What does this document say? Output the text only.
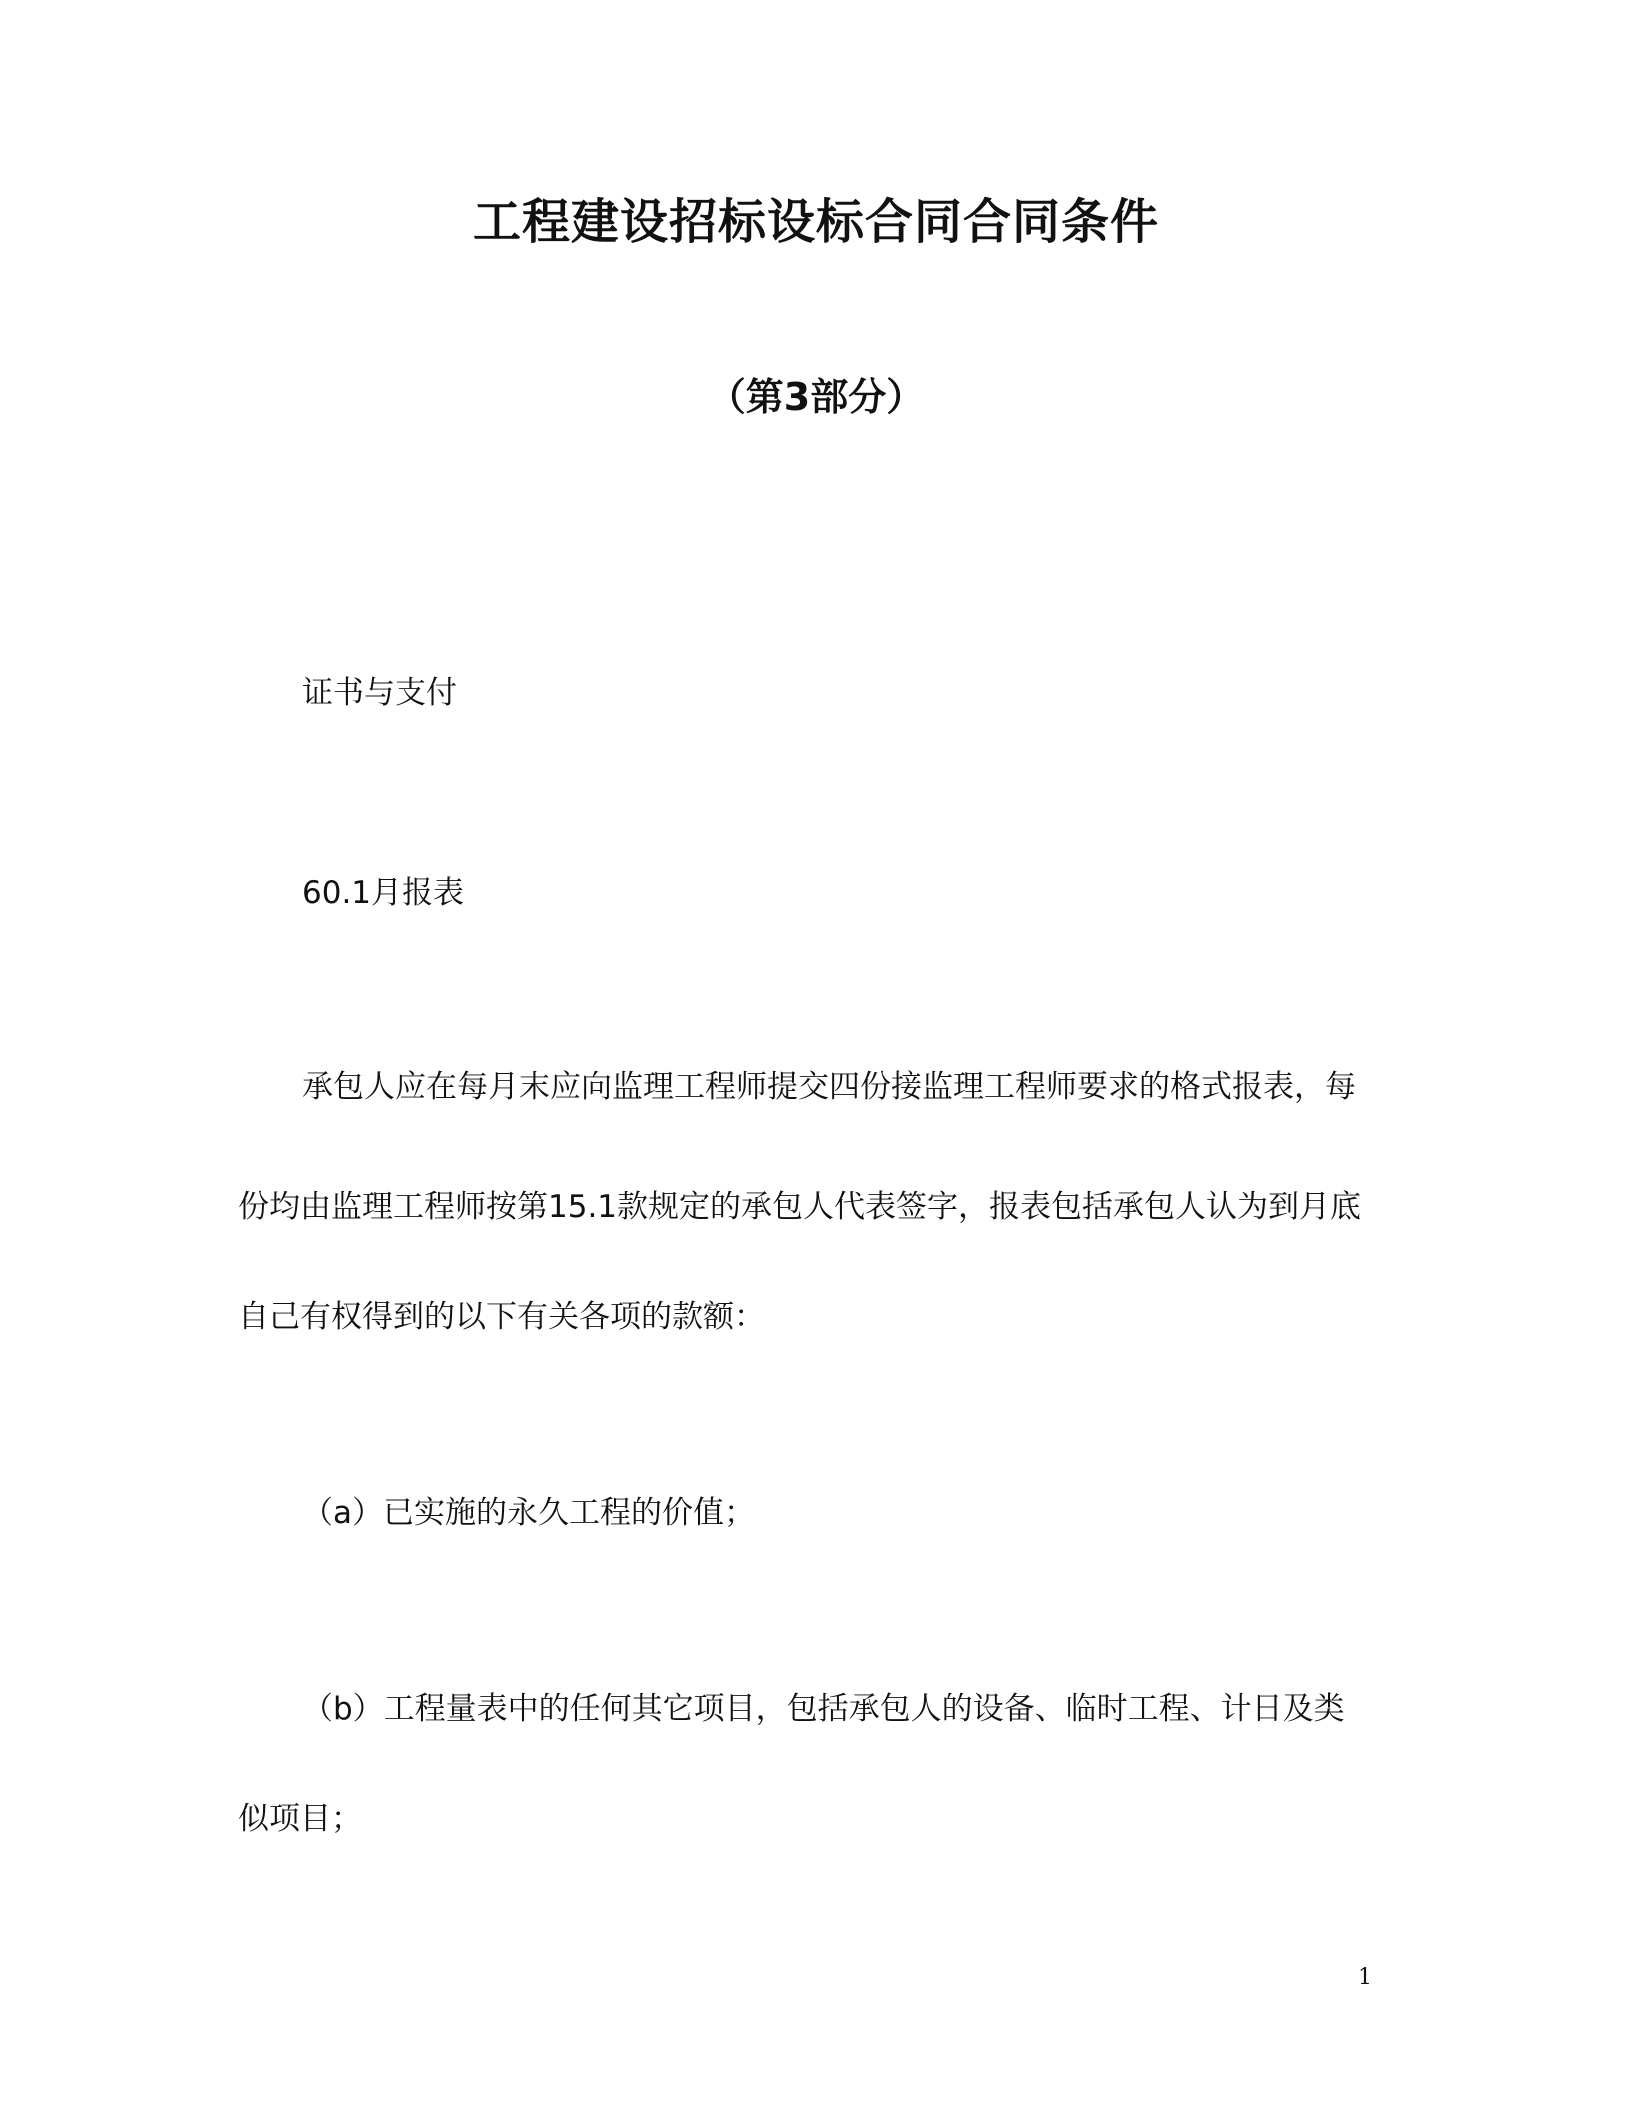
工程建设招标设标合同合同条件
（第3部分）
证书与支付
60.1月报表
承包人应在每月末应向监理工程师提交四份接监理工程师要求的格式报表，每
份均由监理工程师按第15.1款规定的承包人代表签字，报表包括承包人认为到月底
自己有权得到的以下有关各项的款额：
（a）已实施的永久工程的价值；
（b）工程量表中的任何其它项目，包括承包人的设备、临时工程、计日及类
似项目；
1
